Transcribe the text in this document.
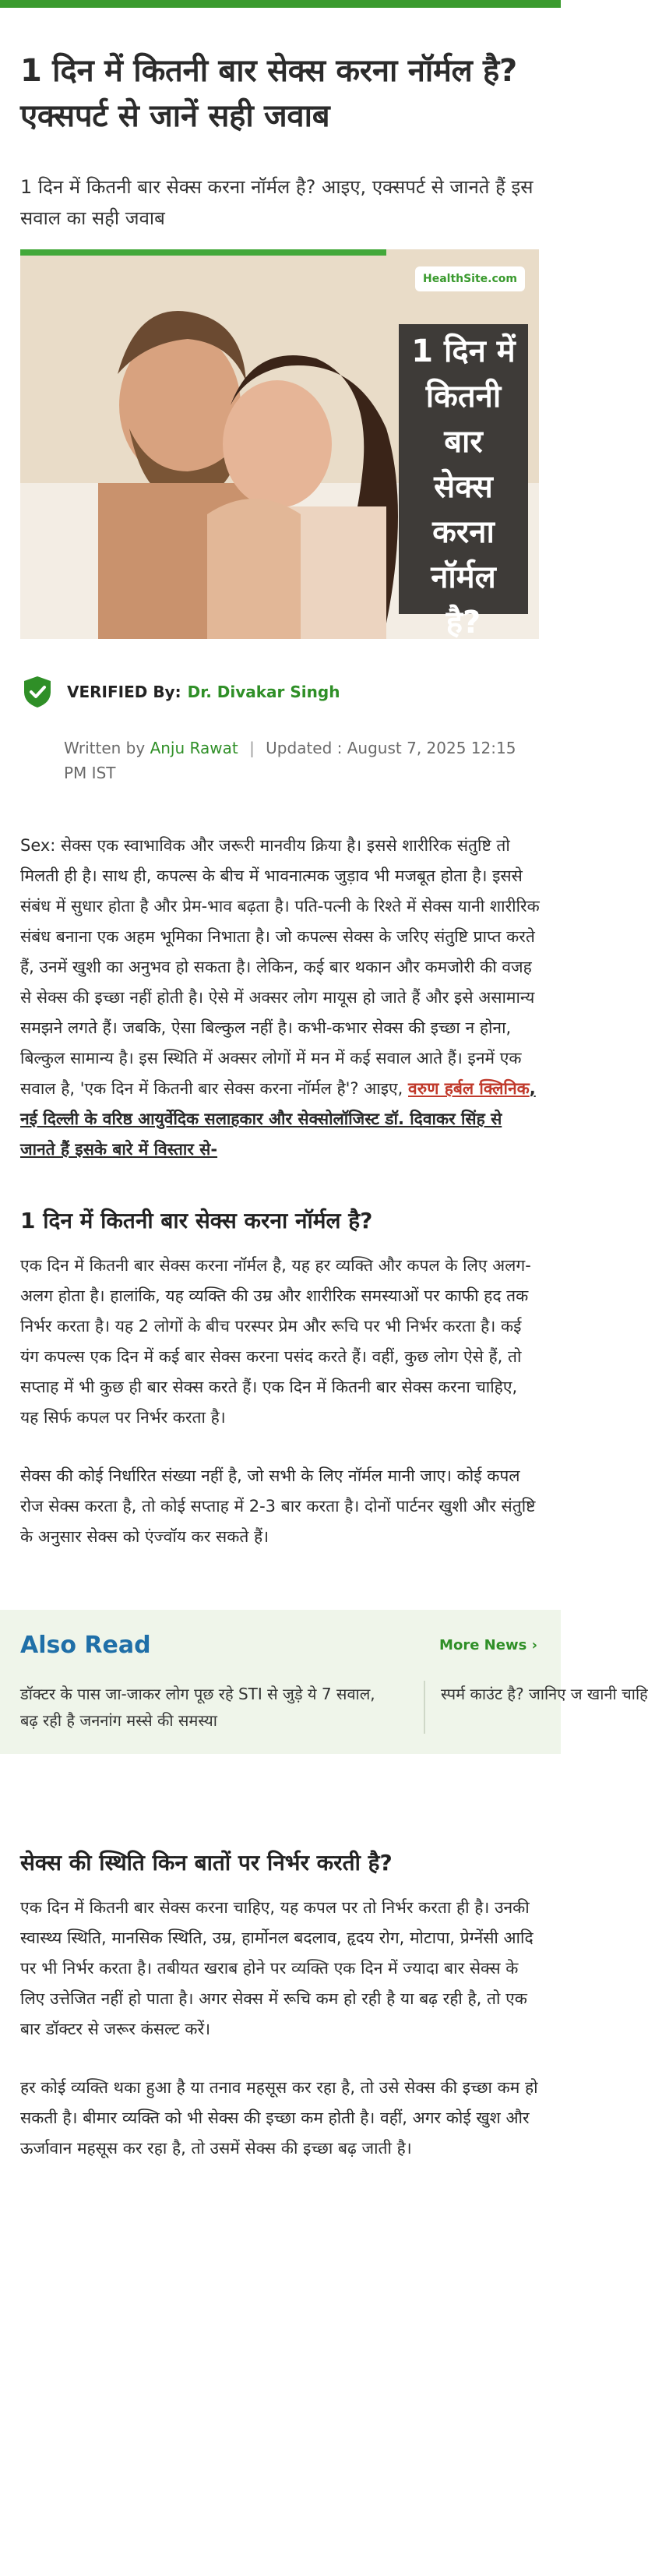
1 दिन में कितनी बार सेक्स करना नॉर्मल है? एक्सपर्ट से जानें सही जवाब

1 दिन में कितनी बार सेक्स करना नॉर्मल है? आइए, एक्सपर्ट से जानते हैं इस सवाल का सही जवाब

HealthSite.com
1 दिन में
कितनी
बार
सेक्स
करना
नॉर्मल
है?
VERIFIED By: Dr. Divakar Singh
Written by Anju Rawat | Updated : August 7, 2025 12:15 PM IST

Sex: सेक्स एक स्वाभाविक और जरूरी मानवीय क्रिया है। इससे शारीरिक संतुष्टि तो मिलती ही है। साथ ही, कपल्स के बीच में भावनात्मक जुड़ाव भी मजबूत होता है। इससे संबंध में सुधार होता है और प्रेम-भाव बढ़ता है। पति-पत्नी के रिश्ते में सेक्स यानी शारीरिक संबंध बनाना एक अहम भूमिका निभाता है। जो कपल्स सेक्स के जरिए संतुष्टि प्राप्त करते हैं, उनमें खुशी का अनुभव हो सकता है। लेकिन, कई बार थकान और कमजोरी की वजह से सेक्स की इच्छा नहीं होती है। ऐसे में अक्सर लोग मायूस हो जाते हैं और इसे असामान्य समझने लगते हैं। जबकि, ऐसा बिल्कुल नहीं है। कभी-कभार सेक्स की इच्छा न होना, बिल्कुल सामान्य है। इस स्थिति में अक्सर लोगों में मन में कई सवाल आते हैं। इनमें एक सवाल है, 'एक दिन में कितनी बार सेक्स करना नॉर्मल है'? आइए, वरुण हर्बल क्लिनिक, नई दिल्ली के वरिष्ठ आयुर्वेदिक सलाहकार और सेक्सोलॉजिस्ट डॉ. दिवाकर सिंह से जानते हैं इसके बारे में विस्तार से-

1 दिन में कितनी बार सेक्स करना नॉर्मल है?

एक दिन में कितनी बार सेक्स करना नॉर्मल है, यह हर व्यक्ति और कपल के लिए अलग-अलग होता है। हालांकि, यह व्यक्ति की उम्र और शारीरिक समस्याओं पर काफी हद तक निर्भर करता है। यह 2 लोगों के बीच परस्पर प्रेम और रूचि पर भी निर्भर करता है। कई यंग कपल्स एक दिन में कई बार सेक्स करना पसंद करते हैं। वहीं, कुछ लोग ऐसे हैं, तो सप्ताह में भी कुछ ही बार सेक्स करते हैं। एक दिन में कितनी बार सेक्स करना चाहिए, यह सिर्फ कपल पर निर्भर करता है।

सेक्स की कोई निर्धारित संख्या नहीं है, जो सभी के लिए नॉर्मल मानी जाए। कोई कपल रोज सेक्स करता है, तो कोई सप्ताह में 2-3 बार करता है। दोनों पार्टनर खुशी और संतुष्टि के अनुसार सेक्स को एंज्वॉय कर सकते हैं।

Also Read	More News ›
डॉक्टर के पास जा-जाकर लोग पूछ रहे STI से जुड़े ये 7 सवाल, बढ़ रही है जननांग मस्से की समस्या
स्पर्म काउंट है? जानिए ज खानी चाहि
सेक्स की स्थिति किन बातों पर निर्भर करती है?

एक दिन में कितनी बार सेक्स करना चाहिए, यह कपल पर तो निर्भर करता ही है। उनकी स्वास्थ्य स्थिति, मानसिक स्थिति, उम्र, हार्मोनल बदलाव, हृदय रोग, मोटापा, प्रेग्नेंसी आदि पर भी निर्भर करता है। तबीयत खराब होने पर व्यक्ति एक दिन में ज्यादा बार सेक्स के लिए उत्तेजित नहीं हो पाता है। अगर सेक्स में रूचि कम हो रही है या बढ़ रही है, तो एक बार डॉक्टर से जरूर कंसल्ट करें।

हर कोई व्यक्ति थका हुआ है या तनाव महसूस कर रहा है, तो उसे सेक्स की इच्छा कम हो सकती है। बीमार व्यक्ति को भी सेक्स की इच्छा कम होती है। वहीं, अगर कोई खुश और ऊर्जावान महसूस कर रहा है, तो उसमें सेक्स की इच्छा बढ़ जाती है।
